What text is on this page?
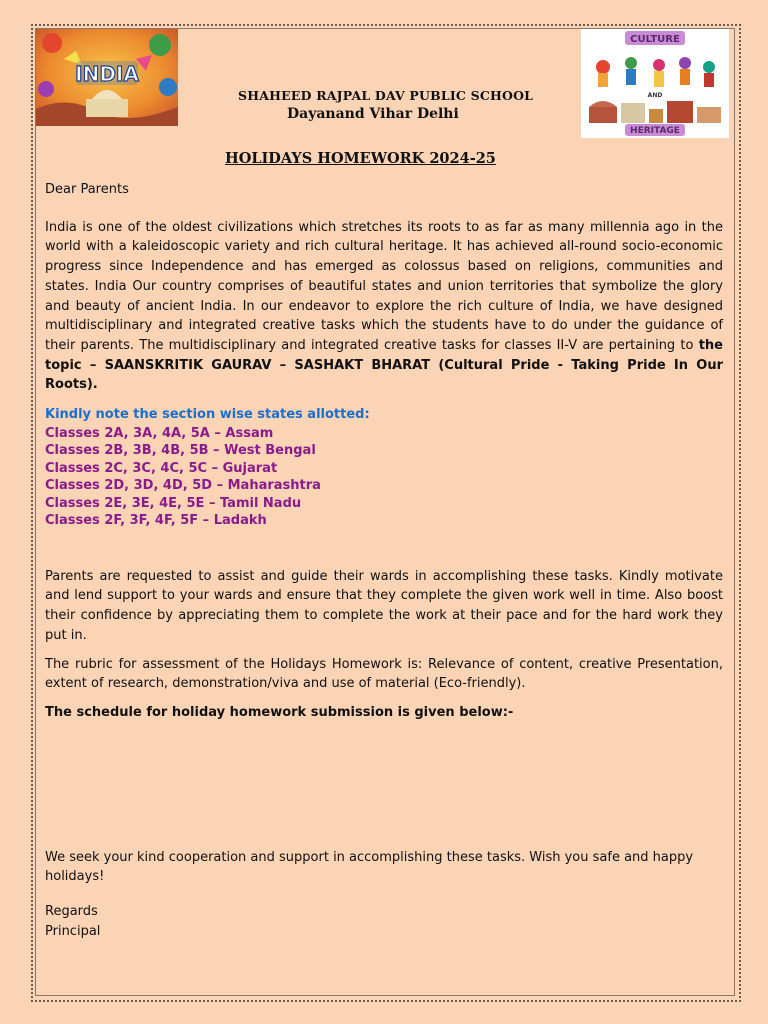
INDIA
CULTURE
AND
HERITAGE
SHAHEED RAJPAL DAV PUBLIC SCHOOL
Dayanand Vihar Delhi
HOLIDAYS HOMEWORK 2024-25

Dear Parents

India is one of the oldest civilizations which stretches its roots to as far as many millennia ago in the world with a kaleidoscopic variety and rich cultural heritage. It has achieved all-round socio-economic progress since Independence and has emerged as colossus based on religions, communities and states. India Our country comprises of beautiful states and union territories that symbolize the glory and beauty of ancient India. In our endeavor to explore the rich culture of India, we have designed multidisciplinary and integrated creative tasks which the students have to do under the guidance of their parents. The multidisciplinary and integrated creative tasks for classes II-V are pertaining to the topic – SAANSKRITIK GAURAV – SASHAKT BHARAT (Cultural Pride - Taking Pride In Our Roots).

Kindly note the section wise states allotted:

Classes 2A, 3A, 4A, 5A – Assam

Classes 2B, 3B, 4B, 5B – West Bengal

Classes 2C, 3C, 4C, 5C – Gujarat

Classes 2D, 3D, 4D, 5D – Maharashtra

Classes 2E, 3E, 4E, 5E – Tamil Nadu

Classes 2F, 3F, 4F, 5F – Ladakh

Parents are requested to assist and guide their wards in accomplishing these tasks. Kindly motivate and lend support to your wards and ensure that they complete the given work well in time. Also boost their confidence by appreciating them to complete the work at their pace and for the hard work they put in.

The rubric for assessment of the Holidays Homework is: Relevance of content, creative Presentation, extent of research, demonstration/viva and use of material (Eco-friendly).

The schedule for holiday homework submission is given below:-

We seek your kind cooperation and support in accomplishing these tasks. Wish you safe and happy holidays!

Regards

Principal
